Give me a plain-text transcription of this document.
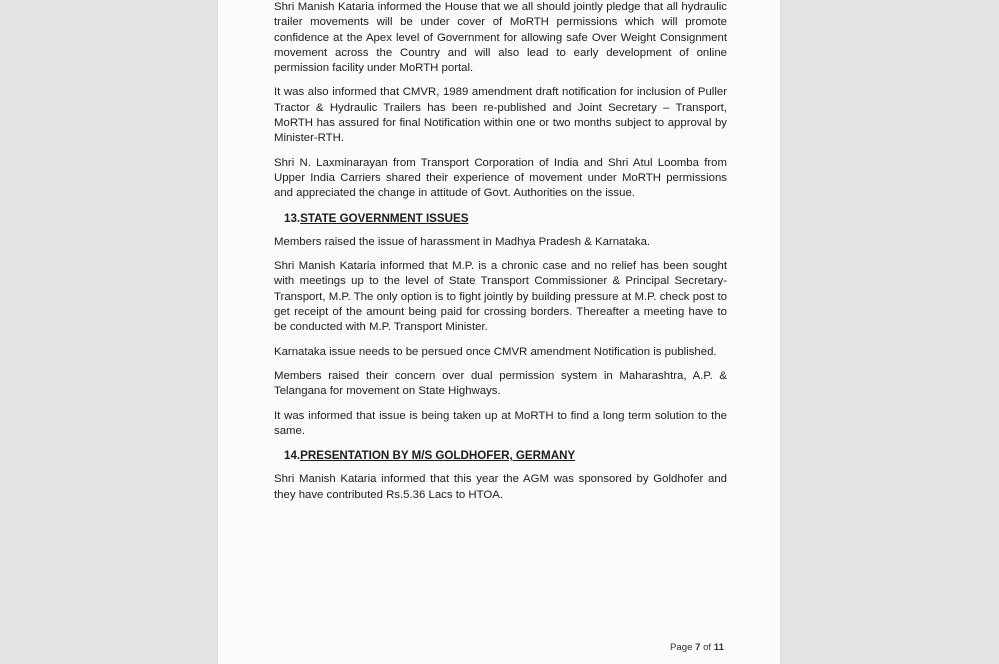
Shri Manish Kataria informed the House that we all should jointly pledge that all hydraulic trailer movements will be under cover of MoRTH permissions which will promote confidence at the Apex level of Government for allowing safe Over Weight Consignment movement across the Country and will also lead to early development of online permission facility under MoRTH portal.

It was also informed that CMVR, 1989 amendment draft notification for inclusion of Puller Tractor & Hydraulic Trailers has been re-published and Joint Secretary – Transport, MoRTH has assured for final Notification within one or two months subject to approval by Minister-RTH.

Shri N. Laxminarayan from Transport Corporation of India and Shri Atul Loomba from Upper India Carriers shared their experience of movement under MoRTH permissions and appreciated the change in attitude of Govt. Authorities on the issue.

13.STATE GOVERNMENT ISSUES

Members raised the issue of harassment in Madhya Pradesh & Karnataka.

Shri Manish Kataria informed that M.P. is a chronic case and no relief has been sought with meetings up to the level of State Transport Commissioner & Principal Secretary-Transport, M.P. The only option is to fight jointly by building pressure at M.P. check post to get receipt of the amount being paid for crossing borders. Thereafter a meeting have to be conducted with M.P. Transport Minister.

Karnataka issue needs to be persued once CMVR amendment Notification is published.

Members raised their concern over dual permission system in Maharashtra, A.P. & Telangana for movement on State Highways.

It was informed that issue is being taken up at MoRTH to find a long term solution to the same.

14.PRESENTATION BY M/S GOLDHOFER, GERMANY

Shri Manish Kataria informed that this year the AGM was sponsored by Goldhofer and they have contributed Rs.5.36 Lacs to HTOA.

Page 7 of 11
